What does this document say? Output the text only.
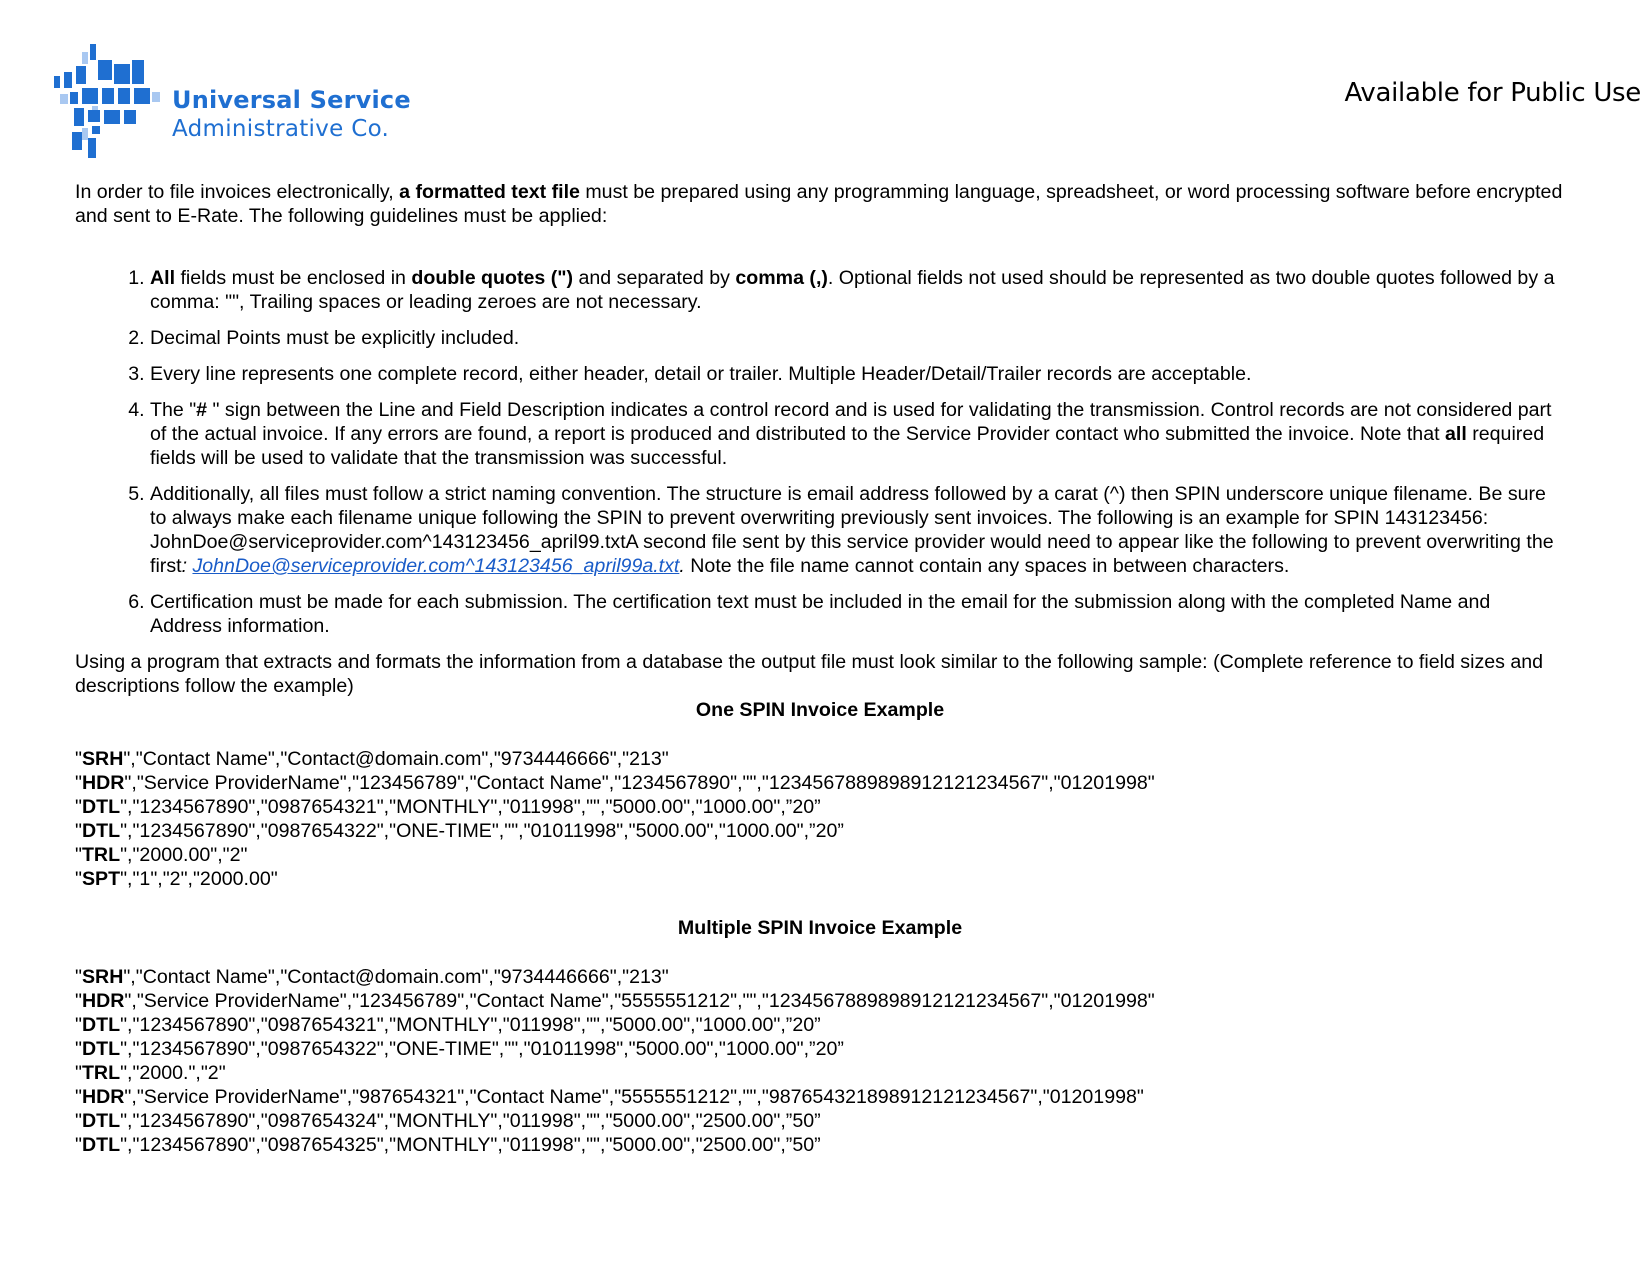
Universal Service
Administrative Co.
Available for Public Use

In order to file invoices electronically, a formatted text file must be prepared using any programming language, spreadsheet, or word processing software before encrypted and sent to E-Rate. The following guidelines must be applied:

1. All fields must be enclosed in double quotes (") and separated by comma (,). Optional fields not used should be represented as two double quotes followed by a comma: "", Trailing spaces or leading zeroes are not necessary.
2. Decimal Points must be explicitly included.
3. Every line represents one complete record, either header, detail or trailer. Multiple Header/Detail/Trailer records are acceptable.
4. The "# " sign between the Line and Field Description indicates a control record and is used for validating the transmission. Control records are not considered part of the actual invoice. If any errors are found, a report is produced and distributed to the Service Provider contact who submitted the invoice. Note that all required fields will be used to validate that the transmission was successful.
5. Additionally, all files must follow a strict naming convention. The structure is email address followed by a carat (^) then SPIN underscore unique filename. Be sure to always make each filename unique following the SPIN to prevent overwriting previously sent invoices. The following is an example for SPIN 143123456: JohnDoe@serviceprovider.com^143123456_april99.txtA second file sent by this service provider would need to appear like the following to prevent overwriting the first: JohnDoe@serviceprovider.com^143123456_april99a.txt. Note the file name cannot contain any spaces in between characters.
6. Certification must be made for each submission. The certification text must be included in the email for the submission along with the completed Name and Address information.

Using a program that extracts and formats the information from a database the output file must look similar to the following sample: (Complete reference to field sizes and descriptions follow the example)

One SPIN Invoice Example

"SRH","Contact Name","Contact@domain.com","9734446666","213"
"HDR","Service ProviderName","123456789","Contact Name","1234567890","","1234567889898912121234567","01201998"
"DTL","1234567890","0987654321","MONTHLY","011998","","5000.00","1000.00",”20”
"DTL","1234567890","0987654322","ONE-TIME","","01011998","5000.00","1000.00",”20”
"TRL","2000.00","2"
"SPT","1","2","2000.00"

Multiple SPIN Invoice Example

"SRH","Contact Name","Contact@domain.com","9734446666","213"
"HDR","Service ProviderName","123456789","Contact Name","5555551212","","1234567889898912121234567","01201998"
"DTL","1234567890","0987654321","MONTHLY","011998","","5000.00","1000.00",”20”
"DTL","1234567890","0987654322","ONE-TIME","","01011998","5000.00","1000.00",”20”
"TRL","2000.","2"
"HDR","Service ProviderName","987654321","Contact Name","5555551212","","987654321898912121234567","01201998"
"DTL","1234567890","0987654324","MONTHLY","011998","","5000.00","2500.00",”50”
"DTL","1234567890","0987654325","MONTHLY","011998","","5000.00","2500.00",”50”
